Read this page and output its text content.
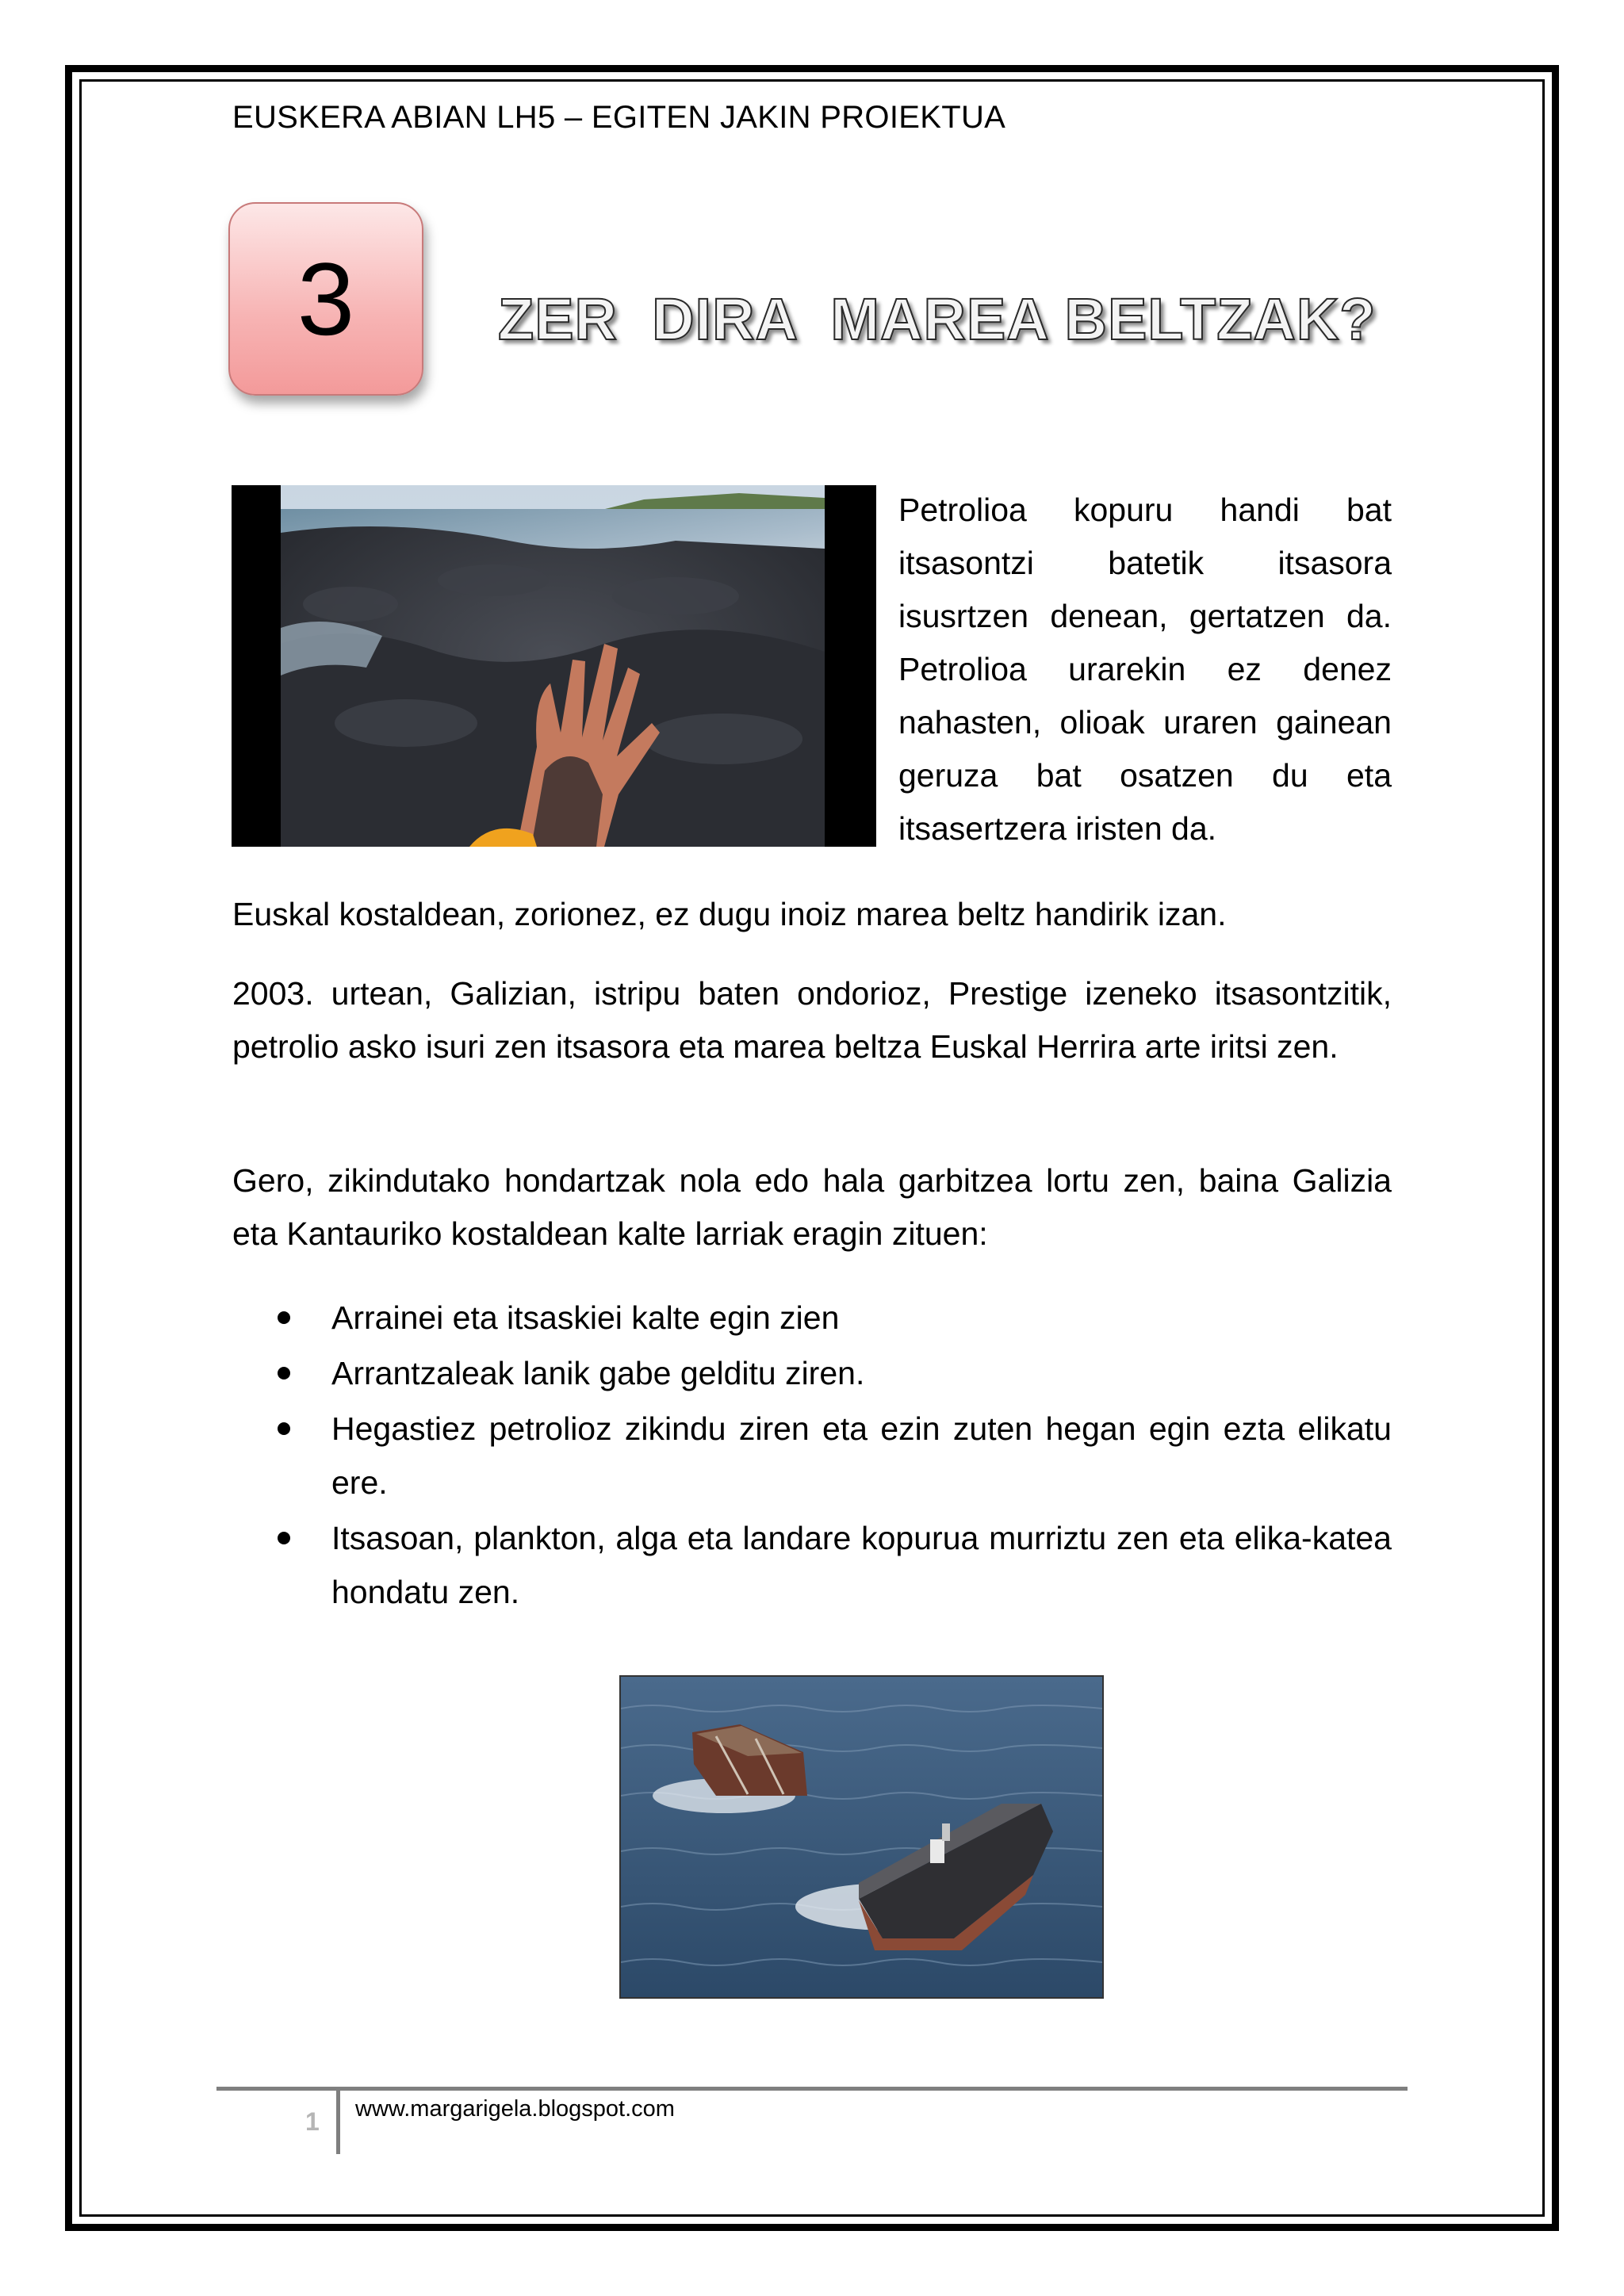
EUSKERA ABIAN LH5 – EGITEN JAKIN PROIEKTUA
3	ZER  DIRA  MAREA BELTZAK?
Petrolioa kopuru handi bat itsasontzi batetik itsasora isusrtzen denean, gertatzen da. Petrolioa urarekin ez denez nahasten, olioak uraren gainean geruza bat osatzen du eta itsasertzera iristen da.
Euskal kostaldean, zorionez, ez dugu inoiz marea beltz handirik izan.
2003. urtean, Galizian, istripu baten ondorioz, Prestige izeneko itsasontzitik, petrolio asko isuri zen itsasora eta marea beltza Euskal Herrira arte iritsi zen.
Gero, zikindutako hondartzak nola edo hala garbitzea lortu zen, baina Galizia eta Kantauriko kostaldean kalte larriak eragin zituen:
Arrainei eta itsaskiei kalte egin zien
Arrantzaleak lanik gabe gelditu ziren.
Hegastiez petrolioz zikindu ziren eta ezin zuten hegan egin ezta elikatu ere.
Itsasoan, plankton, alga eta landare kopurua murriztu zen eta elika-katea hondatu zen.
1 www.margarigela.blogspot.com
